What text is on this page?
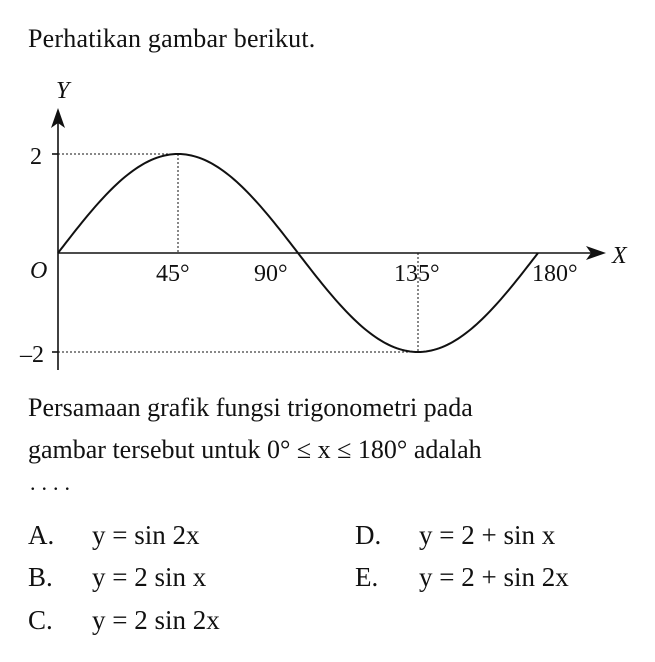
Perhatikan gambar berikut.
Y
X
O
2
–2
45°	90°	135°	180°
Persamaan grafik fungsi trigonometri pada
gambar tersebut untuk 0° ≤ x ≤ 180° adalah
....
A. y = sin 2x
B. y = 2 sin x
C. y = 2 sin 2x
D. y = 2 + sin x
E. y = 2 + sin 2x
